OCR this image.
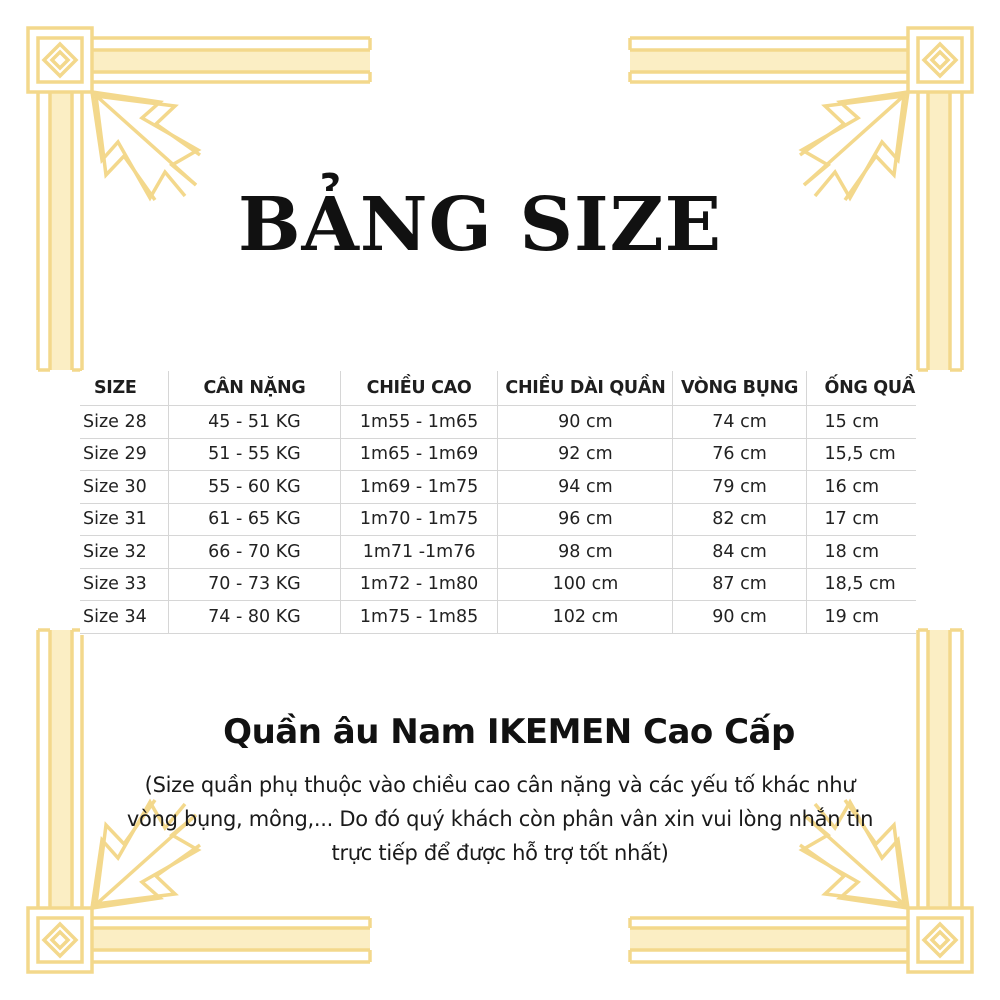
BẢNG SIZE
SIZE	CÂN NẶNG	CHIỀU CAO	CHIỀU DÀI QUẦN	VÒNG BỤNG	ỐNG QUẦ
Size 28	45 - 51 KG	1m55 - 1m65	90 cm	74 cm	15 cm
Size 29	51 - 55 KG	1m65 - 1m69	92 cm	76 cm	15,5 cm
Size 30	55 - 60 KG	1m69 - 1m75	94 cm	79 cm	16 cm
Size 31	61 - 65 KG	1m70 - 1m75	96 cm	82 cm	17 cm
Size 32	66 - 70 KG	1m71 -1m76	98 cm	84 cm	18 cm
Size 33	70 - 73 KG	1m72 - 1m80	100 cm	87 cm	18,5 cm
Size 34	74 - 80 KG	1m75 - 1m85	102 cm	90 cm	19 cm
Quần âu Nam IKEMEN Cao Cấp
(Size quần phụ thuộc vào chiều cao cân nặng và các yếu tố khác như
vòng bụng, mông,... Do đó quý khách còn phân vân xin vui lòng nhắn tin
trực tiếp để được hỗ trợ tốt nhất)
